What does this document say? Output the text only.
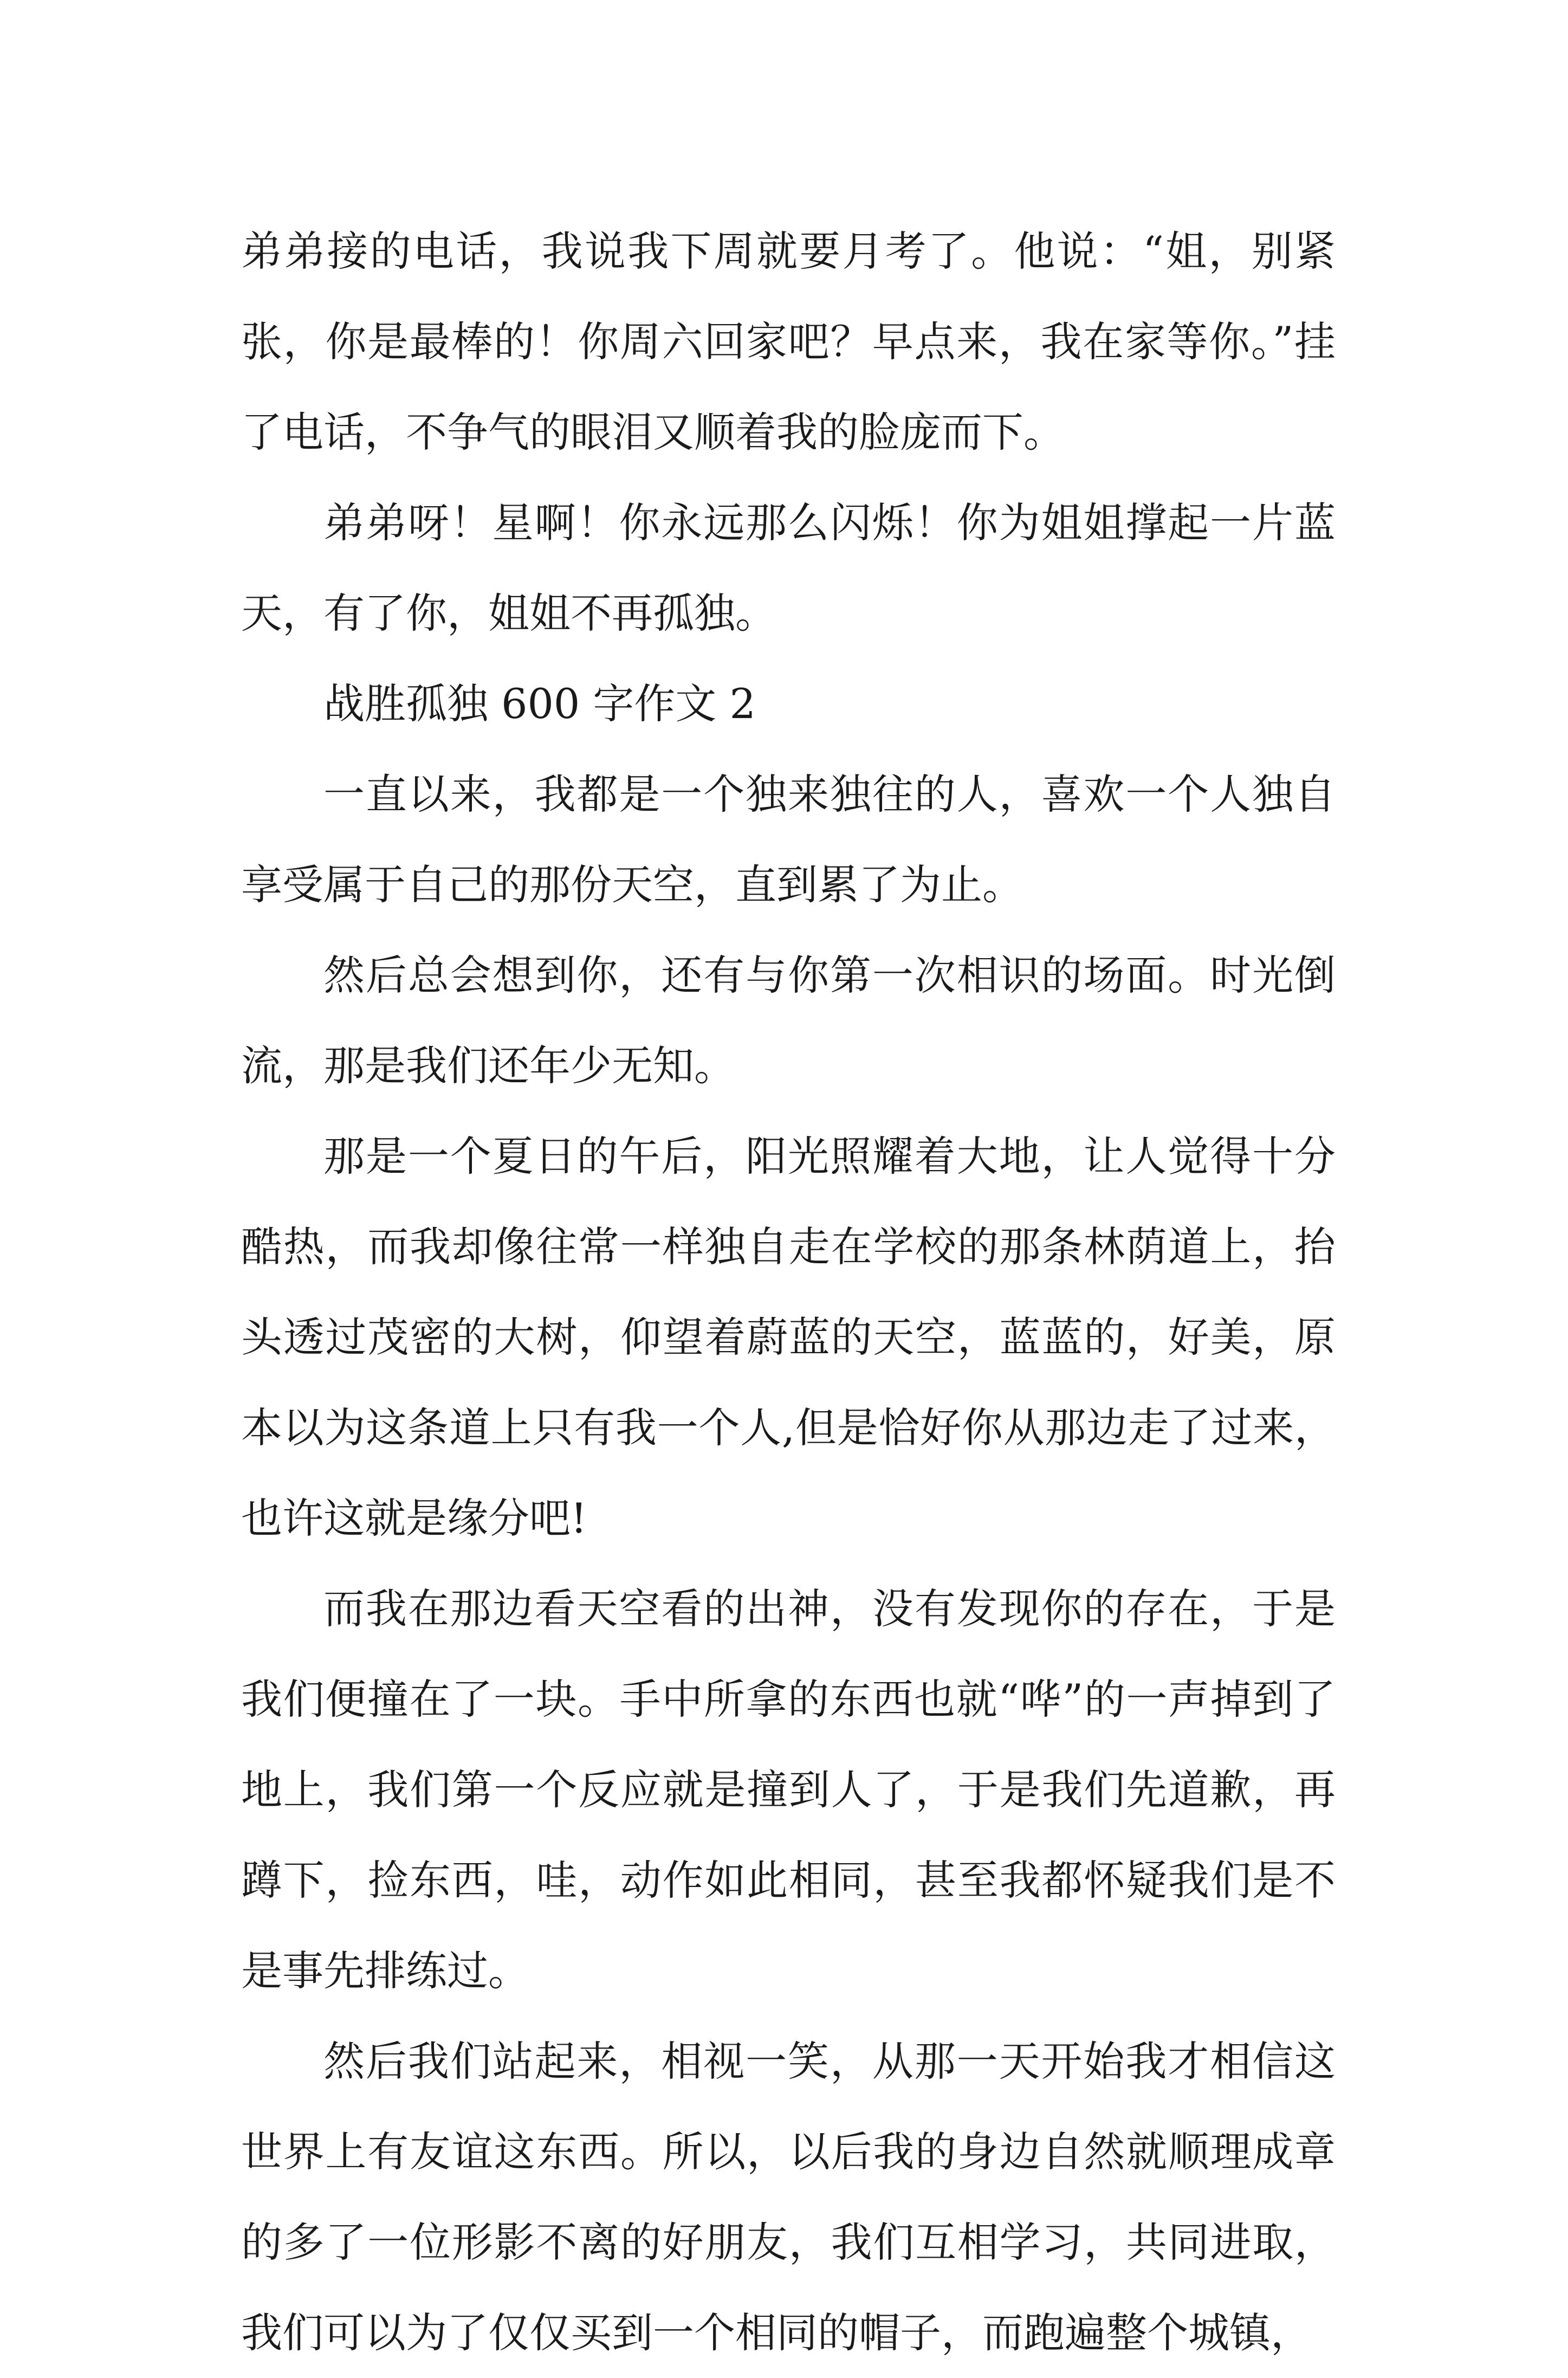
弟弟接的电话，我说我下周就要月考了。他说：“姐，别紧张，你是最棒的！你周六回家吧？早点来，我在家等你。”挂了电话，不争气的眼泪又顺着我的脸庞而下。

弟弟呀！星啊！你永远那么闪烁！你为姐姐撑起一片蓝天，有了你，姐姐不再孤独。

战胜孤独 600 字作文 2

一直以来，我都是一个独来独往的人，喜欢一个人独自享受属于自己的那份天空，直到累了为止。

然后总会想到你，还有与你第一次相识的场面。时光倒流，那是我们还年少无知。

那是一个夏日的午后，阳光照耀着大地，让人觉得十分酷热，而我却像往常一样独自走在学校的那条林荫道上，抬头透过茂密的大树，仰望着蔚蓝的天空，蓝蓝的，好美，原本以为这条道上只有我一个人,但是恰好你从那边走了过来，也许这就是缘分吧!

而我在那边看天空看的出神，没有发现你的存在，于是我们便撞在了一块。手中所拿的东西也就“哗”的一声掉到了地上，我们第一个反应就是撞到人了，于是我们先道歉，再蹲下，捡东西，哇，动作如此相同，甚至我都怀疑我们是不是事先排练过。

然后我们站起来，相视一笑，从那一天开始我才相信这世界上有友谊这东西。所以，以后我的身边自然就顺理成章的多了一位形影不离的好朋友，我们互相学习，共同进取，我们可以为了仅仅买到一个相同的帽子，而跑遍整个城镇，
